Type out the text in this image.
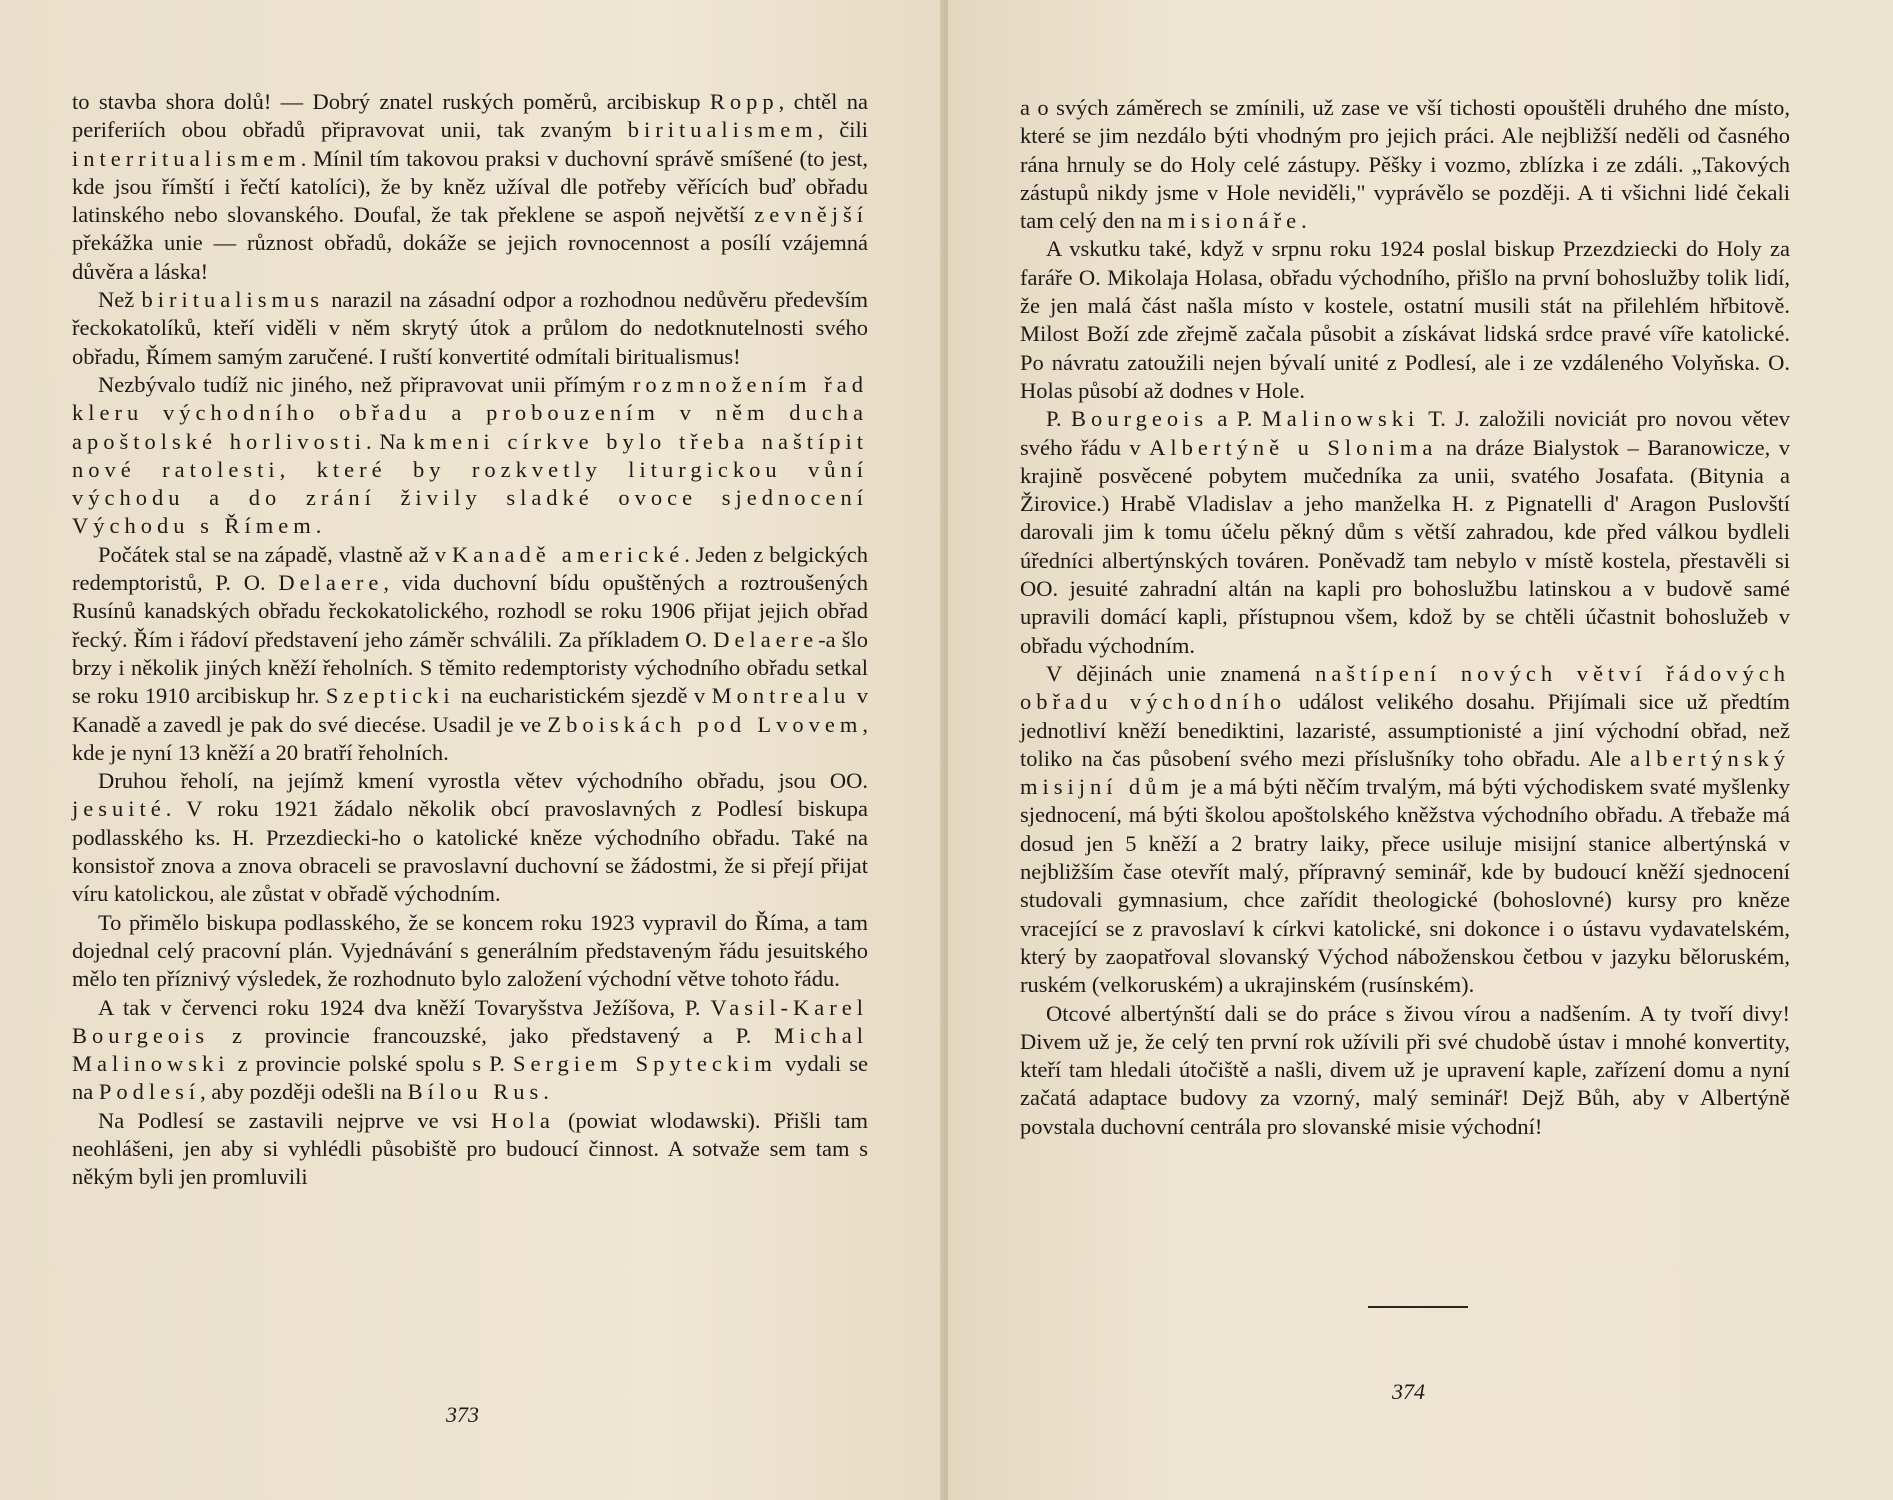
to stavba shora dolů! — Dobrý znatel ruských poměrů, arcibiskup Ropp, chtěl na periferiích obou obřadů připravovat unii, tak zvaným biritualismem, čili interritualismem. Mínil tím takovou praksi v duchovní správě smíšené (to jest, kde jsou římští i řečtí katolíci), že by kněz užíval dle potřeby věřících buď obřadu latinského nebo slovanského. Doufal, že tak překlene se aspoň největší zevnější překážka unie — různost obřadů, dokáže se jejich rovnocennost a posílí vzájemná důvěra a láska!

Než biritualismus narazil na zásadní odpor a rozhodnou nedůvěru především řeckokatolíků, kteří viděli v něm skrytý útok a průlom do nedotknutelnosti svého obřadu, Římem samým zaručené. I ruští konvertité odmítali biritualismus!

Nezbývalo tudíž nic jiného, než připravovat unii přímým rozmnožením řad kleru východního obřadu a probouzením v něm ducha apoštolské horlivosti. Na kmeni církve bylo třeba naštípit nové ratolesti, které by rozkvetly liturgickou vůní východu a do zrání živily sladké ovoce sjednocení Východu s Římem.

Počátek stal se na západě, vlastně až v Kanadě americké. Jeden z belgických redemptoristů, P. O. Delaere, vida duchovní bídu opuštěných a roztroušených Rusínů kanadských obřadu řeckokatolického, rozhodl se roku 1906 přijat jejich obřad řecký. Řím i řádoví představení jeho záměr schválili. Za příkladem O. Delaere-a šlo brzy i několik jiných kněží řeholních. S těmito redemptoristy východního obřadu setkal se roku 1910 arcibiskup hr. Szepticki na eucharistickém sjezdě v Montrealu v Kanadě a zavedl je pak do své diecése. Usadil je ve Zboiskách pod Lvovem, kde je nyní 13 kněží a 20 bratří řeholních.

Druhou řeholí, na jejímž kmení vyrostla větev východního obřadu, jsou OO. jesuité. V roku 1921 žádalo několik obcí pravoslavných z Podlesí biskupa podlasského ks. H. Przezdiecki-ho o katolické kněze východního obřadu. Také na konsistoř znova a znova obraceli se pravoslavní duchovní se žádostmi, že si přejí přijat víru katolickou, ale zůstat v obřadě východním.

To přimělo biskupa podlasského, že se koncem roku 1923 vypravil do Říma, a tam dojednal celý pracovní plán. Vyjednávání s generálním představeným řádu jesuitského mělo ten příznivý výsledek, že rozhodnuto bylo založení východní větve tohoto řádu.

A tak v červenci roku 1924 dva kněží Tovaryšstva Ježíšova, P. Vasil-Karel Bourgeois z provincie francouzské, jako představený a P. Michal Malinowski z provincie polské spolu s P. Sergiem Spyteckim vydali se na Podlesí, aby později odešli na Bílou Rus.

Na Podlesí se zastavili nejprve ve vsi Hola (powiat wlodawski). Přišli tam neohlášeni, jen aby si vyhlédli působiště pro budoucí činnost. A sotvaže sem tam s někým byli jen promluvili

373

a o svých záměrech se zmínili, už zase ve vší tichosti opouštěli druhého dne místo, které se jim nezdálo býti vhodným pro jejich práci. Ale nejbližší neděli od časného rána hrnuly se do Holy celé zástupy. Pěšky i vozmo, zblízka i ze zdáli. „Takových zástupů nikdy jsme v Hole neviděli," vyprávělo se později. A ti všichni lidé čekali tam celý den na misionáře.

A vskutku také, když v srpnu roku 1924 poslal biskup Przezdziecki do Holy za faráře O. Mikolaja Holasa, obřadu východního, přišlo na první bohoslužby tolik lidí, že jen malá část našla místo v kostele, ostatní musili stát na přilehlém hřbitově. Milost Boží zde zřejmě začala působit a získávat lidská srdce pravé víře katolické. Po návratu zatoužili nejen bývalí unité z Podlesí, ale i ze vzdáleného Volyňska. O. Holas působí až dodnes v Hole.

P. Bourgeois a P. Malinowski T. J. založili noviciát pro novou větev svého řádu v Albertýně u Slonima na dráze Bialystok – Baranowicze, v krajině posvěcené pobytem mučedníka za unii, svatého Josafata. (Bitynia a Žirovice.) Hrabě Vladislav a jeho manželka H. z Pignatelli d' Aragon Puslovští darovali jim k tomu účelu pěkný dům s větší zahradou, kde před válkou bydleli úředníci albertýnských továren. Poněvadž tam nebylo v místě kostela, přestavěli si OO. jesuité zahradní altán na kapli pro bohoslužbu latinskou a v budově samé upravili domácí kapli, přístupnou všem, kdož by se chtěli účastnit bohoslužeb v obřadu východním.

V dějinách unie znamená naštípení nových větví řádových obřadu východního událost velikého dosahu. Přijímali sice už předtím jednotliví kněží benediktini, lazaristé, assumptionisté a jiní východní obřad, než toliko na čas působení svého mezi příslušníky toho obřadu. Ale albertýnský misijní dům je a má býti něčím trvalým, má býti východiskem svaté myšlenky sjednocení, má býti školou apoštolského kněžstva východního obřadu. A třebaže má dosud jen 5 kněží a 2 bratry laiky, přece usiluje misijní stanice albertýnská v nejbližším čase otevřít malý, přípravný seminář, kde by budoucí kněží sjednocení studovali gymnasium, chce zařídit theologické (bohoslovné) kursy pro kněze vracející se z pravoslaví k církvi katolické, sni dokonce i o ústavu vydavatelském, který by zaopatřoval slovanský Východ náboženskou četbou v jazyku běloruském, ruském (velkoruském) a ukrajinském (rusínském).

Otcové albertýnští dali se do práce s živou vírou a nadšením. A ty tvoří divy! Divem už je, že celý ten první rok užívili při své chudobě ústav i mnohé konvertity, kteří tam hledali útočiště a našli, divem už je upravení kaple, zařízení domu a nyní začatá adaptace budovy za vzorný, malý seminář! Dejž Bůh, aby v Albertýně povstala duchovní centrála pro slovanské misie východní!

374
